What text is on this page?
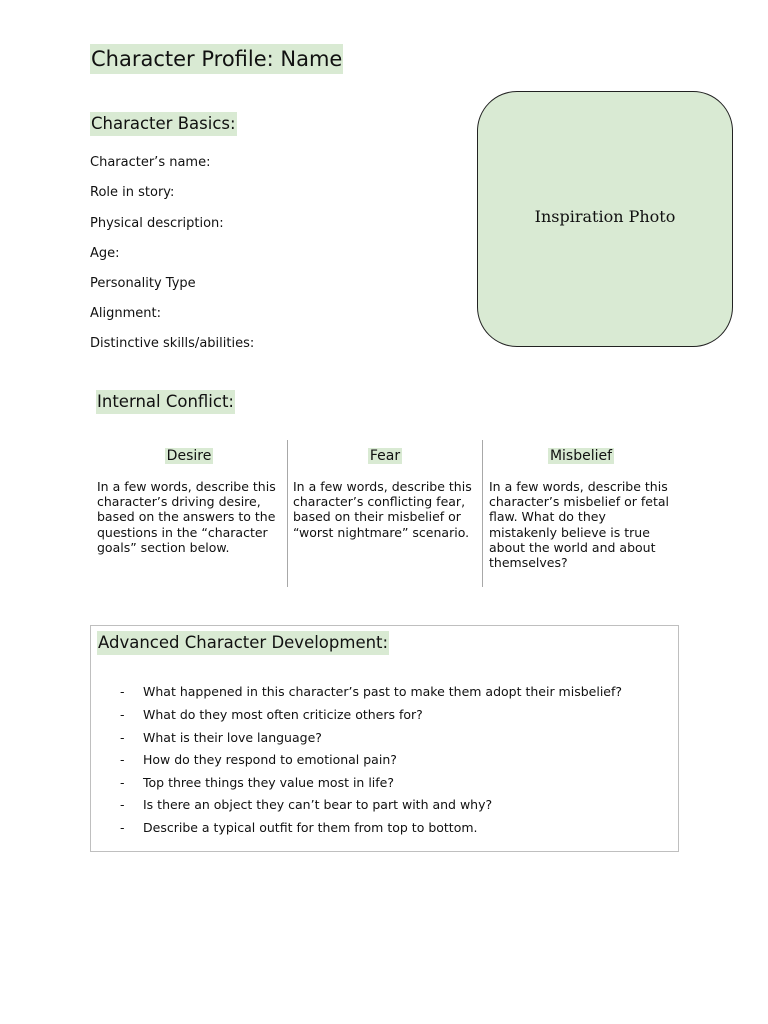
Character Profile: Name
Character Basics:
Character’s name:
Role in story:
Physical description:
Age:
Personality Type
Alignment:
Distinctive skills/abilities:
Inspiration Photo
Internal Conflict:
Desire
In a few words, describe this character’s driving desire, based on the answers to the questions in the “character goals” section below.
Fear
In a few words, describe this character’s conflicting fear, based on their misbelief or “worst nightmare” scenario.
Misbelief
In a few words, describe this character’s misbelief or fetal flaw. What do they mistakenly believe is true about the world and about themselves?
Advanced Character Development:
- What happened in this character’s past to make them adopt their misbelief?
- What do they most often criticize others for?
- What is their love language?
- How do they respond to emotional pain?
- Top three things they value most in life?
- Is there an object they can’t bear to part with and why?
- Describe a typical outfit for them from top to bottom.
